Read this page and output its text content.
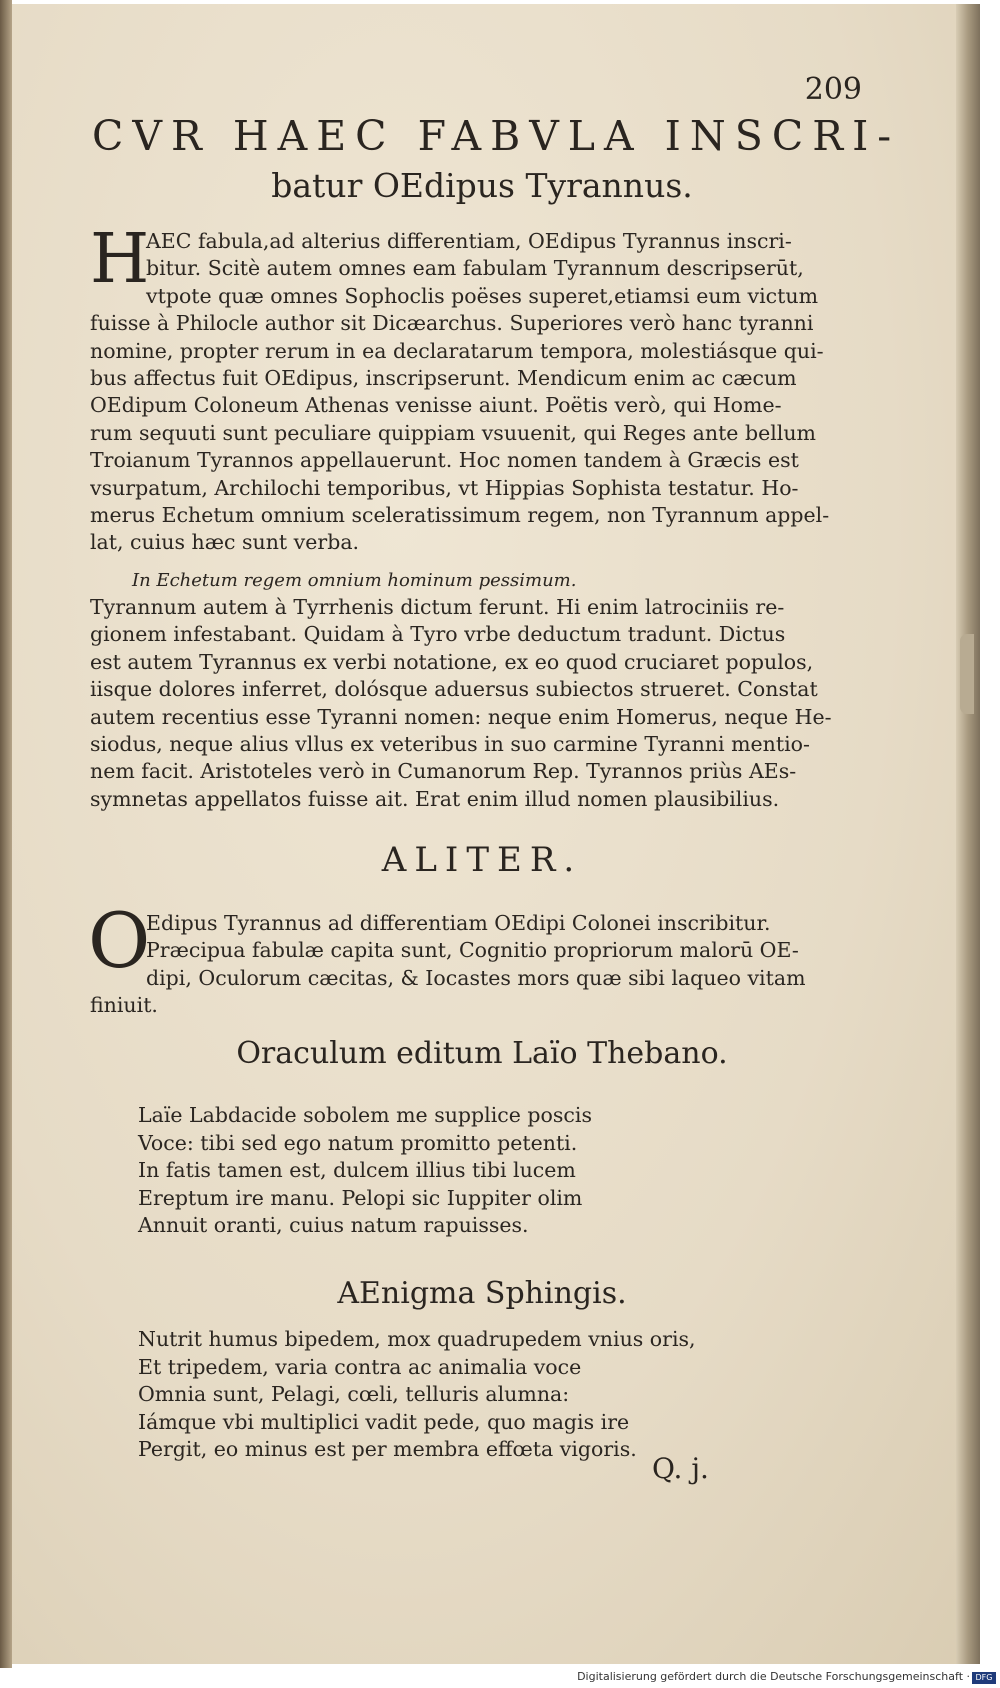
209
CVR HAEC FABVLA INSCRI-
batur OEdipus Tyrannus.
H
AEC fabula,ad alterius differentiam, OEdipus Tyrannus inscri-
bitur. Scitè autem omnes eam fabulam Tyrannum descripserūt,
vtpote quæ omnes Sophoclis poëses superet,etiamsi eum victum
fuisse à Philocle author sit Dicæarchus. Superiores verò hanc tyranni
nomine, propter rerum in ea declaratarum tempora, molestiásque qui-
bus affectus fuit OEdipus, inscripserunt. Mendicum enim ac cæcum
OEdipum Coloneum Athenas venisse aiunt. Poëtis verò, qui Home-
rum sequuti sunt peculiare quippiam vsuuenit, qui Reges ante bellum
Troianum Tyrannos appellauerunt. Hoc nomen tandem à Græcis est
vsurpatum, Archilochi temporibus, vt Hippias Sophista testatur. Ho-
merus Echetum omnium sceleratissimum regem, non Tyrannum appel-
lat, cuius hæc sunt verba.
In Echetum regem omnium hominum pessimum.
Tyrannum autem à Tyrrhenis dictum ferunt. Hi enim latrociniis re-
gionem infestabant. Quidam à Tyro vrbe deductum tradunt. Dictus
est autem Tyrannus ex verbi notatione, ex eo quod cruciaret populos,
iisque dolores inferret, dolósque aduersus subiectos strueret. Constat
autem recentius esse Tyranni nomen: neque enim Homerus, neque He-
siodus, neque alius vllus ex veteribus in suo carmine Tyranni mentio-
nem facit. Aristoteles verò in Cumanorum Rep. Tyrannos priùs AEs-
symnetas appellatos fuisse ait. Erat enim illud nomen plausibilius.
ALITER.
O
Edipus Tyrannus ad differentiam OEdipi Colonei inscribitur.
Præcipua fabulæ capita sunt, Cognitio propriorum malorū OE-
dipi, Oculorum cæcitas, & Iocastes mors quæ sibi laqueo vitam
finiuit.
Oraculum editum Laïo Thebano.
Laïe Labdacide sobolem me supplice poscis
Voce: tibi sed ego natum promitto petenti.
In fatis tamen est, dulcem illius tibi lucem
Ereptum ire manu. Pelopi sic Iuppiter olim
Annuit oranti, cuius natum rapuisses.
AEnigma Sphingis.
Nutrit humus bipedem, mox quadrupedem vnius oris,
Et tripedem, varia contra ac animalia voce
Omnia sunt, Pelagi, cœli, telluris alumna:
Iámque vbi multiplici vadit pede, quo magis ire
Pergit, eo minus est per membra effœta vigoris.
Q. j.
Digitalisierung gefördert durch die Deutsche Forschungsgemeinschaft · DFG
